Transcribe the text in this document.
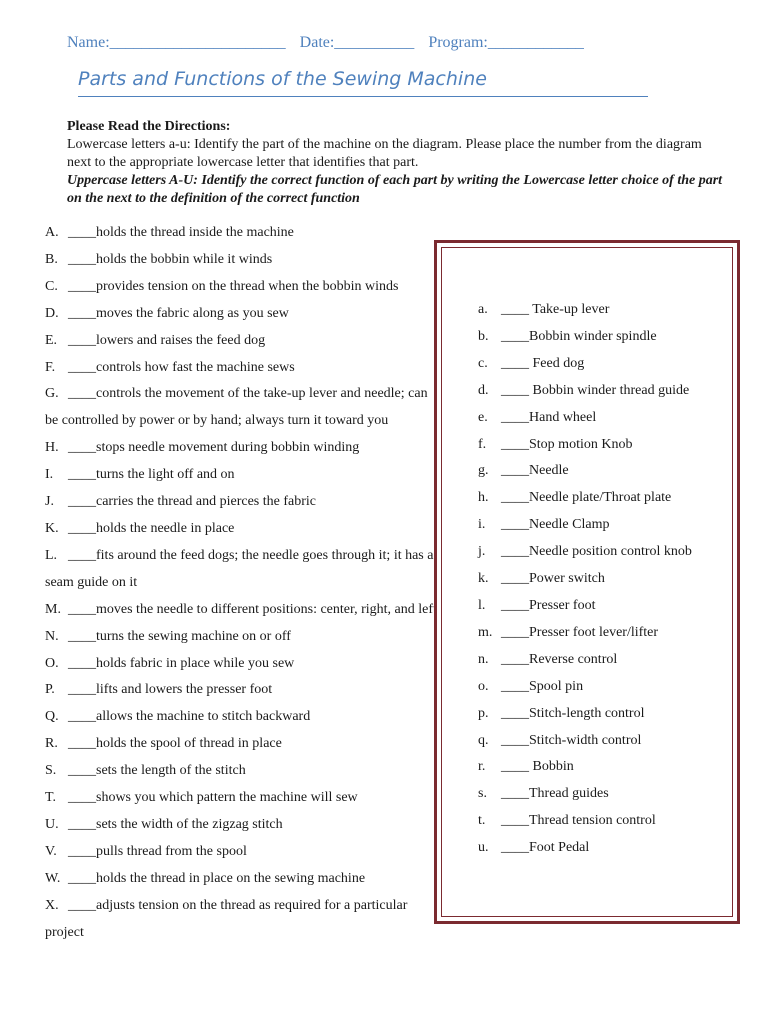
Name:______________________ Date:__________ Program:____________
Parts and Functions of the Sewing Machine
Please Read the Directions:
Lowercase letters a-u: Identify the part of the machine on the diagram. Please place the number from the diagram next to the appropriate lowercase letter that identifies that part.
Uppercase letters A-U: Identify the correct function of each part by writing the Lowercase letter choice of the part on the next to the definition of the correct function
A. ____holds the thread inside the machine
B. ____holds the bobbin while it winds
C. ____provides tension on the thread when the bobbin winds
D. ____moves the fabric along as you sew
E. ____lowers and raises the feed dog
F. ____controls how fast the machine sews
G. ____controls the movement of the take-up lever and needle; can be controlled by power or by hand; always turn it toward you
H. ____stops needle movement during bobbin winding
I. ____turns the light off and on
J. ____carries the thread and pierces the fabric
K. ____holds the needle in place
L. ____fits around the feed dogs; the needle goes through it; it has a seam guide on it
M. ____moves the needle to different positions: center, right, and left
N. ____turns the sewing machine on or off
O. ____holds fabric in place while you sew
P. ____lifts and lowers the presser foot
Q. ____allows the machine to stitch backward
R. ____holds the spool of thread in place
S. ____sets the length of the stitch
T. ____shows you which pattern the machine will sew
U. ____sets the width of the zigzag stitch
V. ____pulls thread from the spool
W. ____holds the thread in place on the sewing machine
X. ____adjusts tension on the thread as required for a particular project
a. ____ Take-up lever
b. ____Bobbin winder spindle
c. ____ Feed dog
d. ____ Bobbin winder thread guide
e. ____Hand wheel
f. ____Stop motion Knob
g. ____Needle
h. ____Needle plate/Throat plate
i. ____Needle Clamp
j. ____Needle position control knob
k. ____Power switch
l. ____Presser foot
m. ____Presser foot lever/lifter
n. ____Reverse control
o. ____Spool pin
p. ____Stitch-length control
q. ____Stitch-width control
r. ____ Bobbin
s. ____Thread guides
t. ____Thread tension control
u. ____Foot Pedal
